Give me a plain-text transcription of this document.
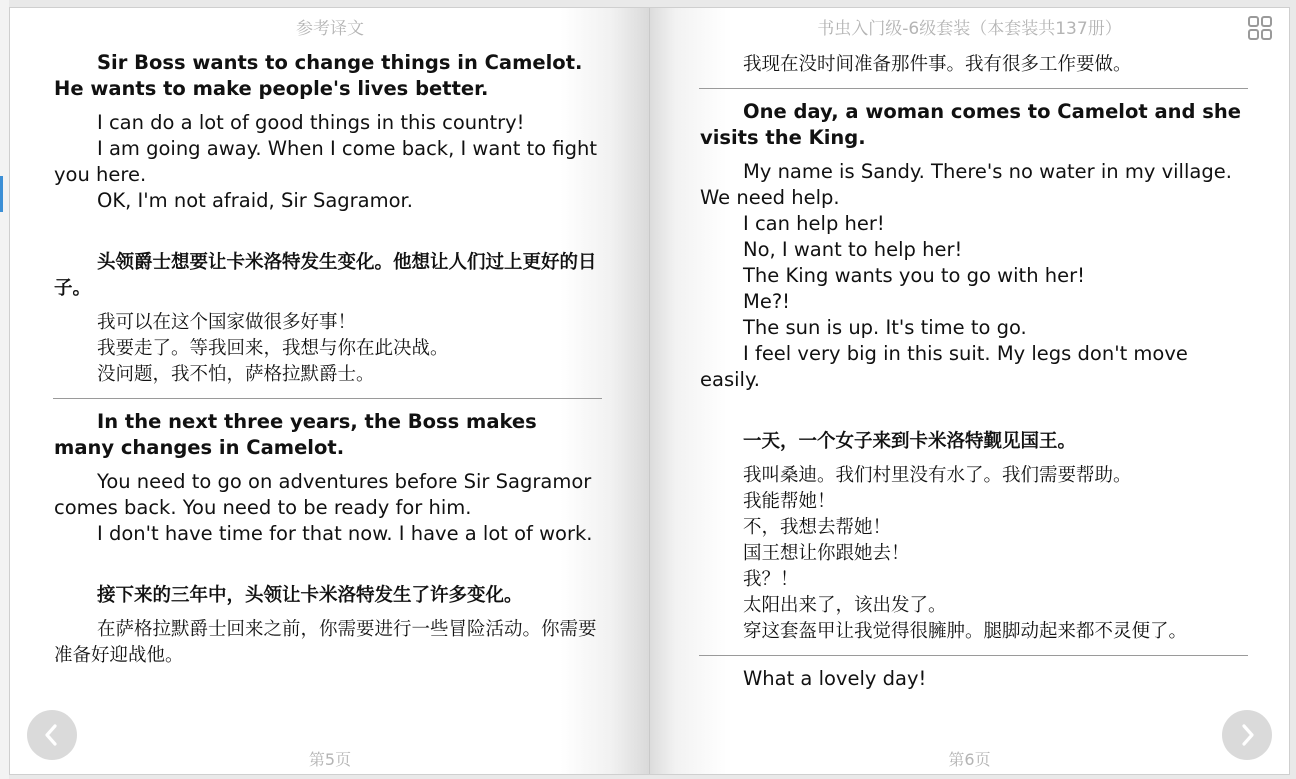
参考译文

Sir Boss wants to change things in Camelot. He wants to make people's lives better.

I can do a lot of good things in this country!

I am going away. When I come back, I want to fight you here.

OK, I'm not afraid, Sir Sagramor.

头领爵士想要让卡米洛特发生变化。他想让人们过上更好的日子。

我可以在这个国家做很多好事！

我要走了。等我回来，我想与你在此决战。

没问题，我不怕，萨格拉默爵士。

In the next three years, the Boss makes many changes in Camelot.

You need to go on adventures before Sir Sagramor comes back. You need to be ready for him.

I don't have time for that now. I have a lot of work.

接下来的三年中，头领让卡米洛特发生了许多变化。

在萨格拉默爵士回来之前，你需要进行一些冒险活动。你需要准备好迎战他。

第5页
书虫入门级-6级套装（本套装共137册）

我现在没时间准备那件事。我有很多工作要做。

One day, a woman comes to Camelot and she visits the King.

My name is Sandy. There's no water in my village. We need help.

I can help her!

No, I want to help her!

The King wants you to go with her!

Me?!

The sun is up. It's time to go.

I feel very big in this suit. My legs don't move easily.

一天，一个女子来到卡米洛特觐见国王。

我叫桑迪。我们村里没有水了。我们需要帮助。

我能帮她！

不，我想去帮她！

国王想让你跟她去！

我？！

太阳出来了，该出发了。

穿这套盔甲让我觉得很臃肿。腿脚动起来都不灵便了。

What a lovely day!

第6页
